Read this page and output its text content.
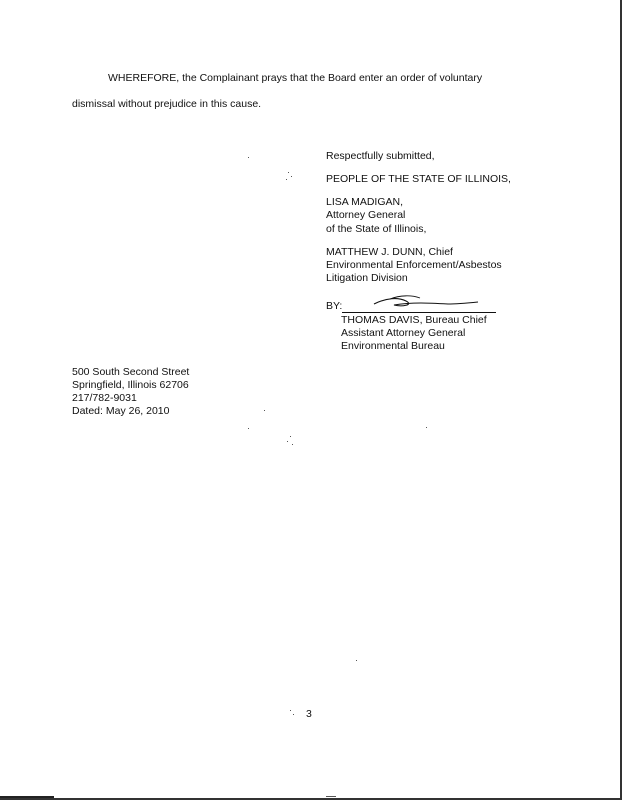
WHEREFORE, the Complainant prays that the Board enter an order of voluntary
dismissal without prejudice in this cause.
Respectfully submitted,
PEOPLE OF THE STATE OF ILLINOIS,
LISA MADIGAN,
Attorney General
of the State of Illinois,
MATTHEW J. DUNN, Chief
Environmental Enforcement/Asbestos
Litigation Division
BY:
THOMAS DAVIS, Bureau Chief
Assistant Attorney General
Environmental Bureau
500 South Second Street
Springfield, Illinois 62706
217/782-9031
Dated: May 26, 2010
3
